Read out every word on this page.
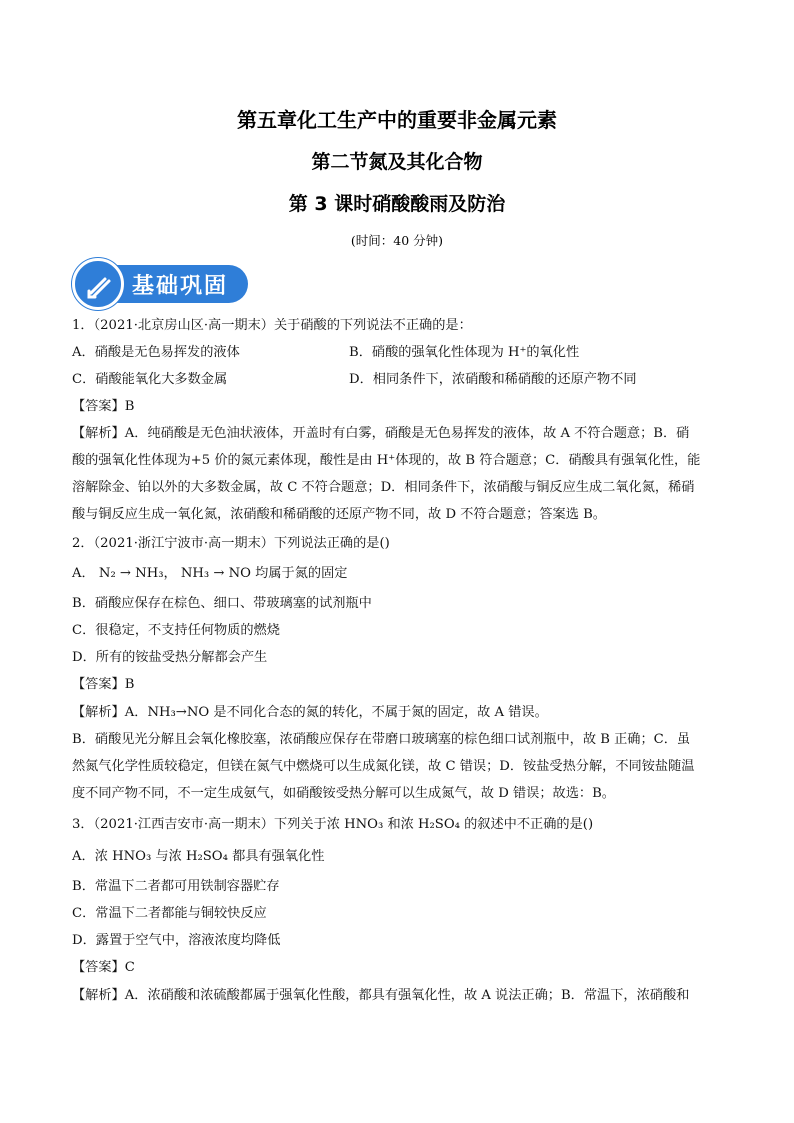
第五章化工生产中的重要非金属元素
第二节氮及其化合物
第 3 课时硝酸酸雨及防治
(时间：40 分钟)
基础巩固
1．（2021·北京房山区·高一期末）关于硝酸的下列说法不正确的是：
A．硝酸是无色易挥发的液体	B．硝酸的强氧化性体现为 H⁺的氧化性
C．硝酸能氧化大多数金属	D．相同条件下，浓硝酸和稀硝酸的还原产物不同
【答案】B
【解析】A．纯硝酸是无色油状液体，开盖时有白雾，硝酸是无色易挥发的液体，故 A 不符合题意；B．硝
酸的强氧化性体现为+5 价的氮元素体现，酸性是由 H⁺体现的，故 B 符合题意；C．硝酸具有强氧化性，能
溶解除金、铂以外的大多数金属，故 C 不符合题意；D．相同条件下，浓硝酸与铜反应生成二氧化氮，稀硝
酸与铜反应生成一氧化氮，浓硝酸和稀硝酸的还原产物不同，故 D 不符合题意；答案选 B。
2．（2021·浙江宁波市·高一期末）下列说法正确的是()
A． N₂ → NH₃， NH₃ → NO 均属于氮的固定
B．硝酸应保存在棕色、细口、带玻璃塞的试剂瓶中
C．很稳定，不支持任何物质的燃烧
D．所有的铵盐受热分解都会产生
【答案】B
【解析】A．NH₃→NO 是不同化合态的氮的转化，不属于氮的固定，故 A 错误。
B．硝酸见光分解且会氧化橡胶塞，浓硝酸应保存在带磨口玻璃塞的棕色细口试剂瓶中，故 B 正确；C．虽
然氮气化学性质较稳定，但镁在氮气中燃烧可以生成氮化镁，故 C 错误；D．铵盐受热分解，不同铵盐随温
度不同产物不同，不一定生成氨气，如硝酸铵受热分解可以生成氮气，故 D 错误；故选：B。
3．（2021·江西吉安市·高一期末）下列关于浓 HNO₃ 和浓 H₂SO₄ 的叙述中不正确的是()
A．浓 HNO₃ 与浓 H₂SO₄ 都具有强氧化性
B．常温下二者都可用铁制容器贮存
C．常温下二者都能与铜较快反应
D．露置于空气中，溶液浓度均降低
【答案】C
【解析】A．浓硝酸和浓硫酸都属于强氧化性酸，都具有强氧化性，故 A 说法正确；B．常温下，浓硝酸和
